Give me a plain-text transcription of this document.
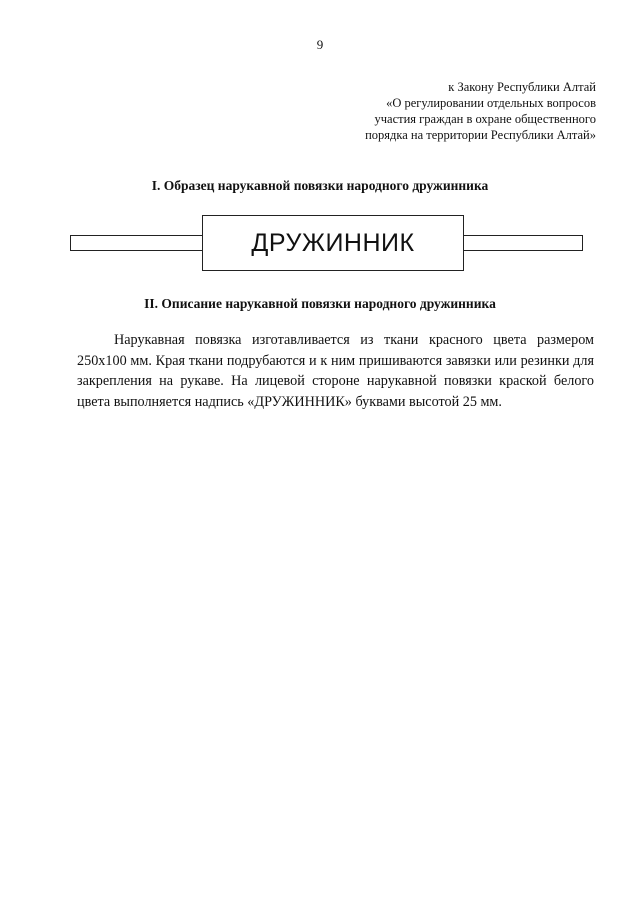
9
к Закону Республики Алтай
«О регулировании отдельных вопросов
участия граждан в охране общественного
порядка на территории Республики Алтай»
I. Образец нарукавной повязки народного дружинника
ДРУЖИННИК
II. Описание нарукавной повязки народного дружинника

Нарукавная повязка изготавливается из ткани красного цвета размером 250x100 мм. Края ткани подрубаются и к ним пришиваются завязки или резинки для закрепления на рукаве. На лицевой стороне нарукавной повязки краской белого цвета выполняется надпись «ДРУЖИННИК» буквами высотой 25 мм.
